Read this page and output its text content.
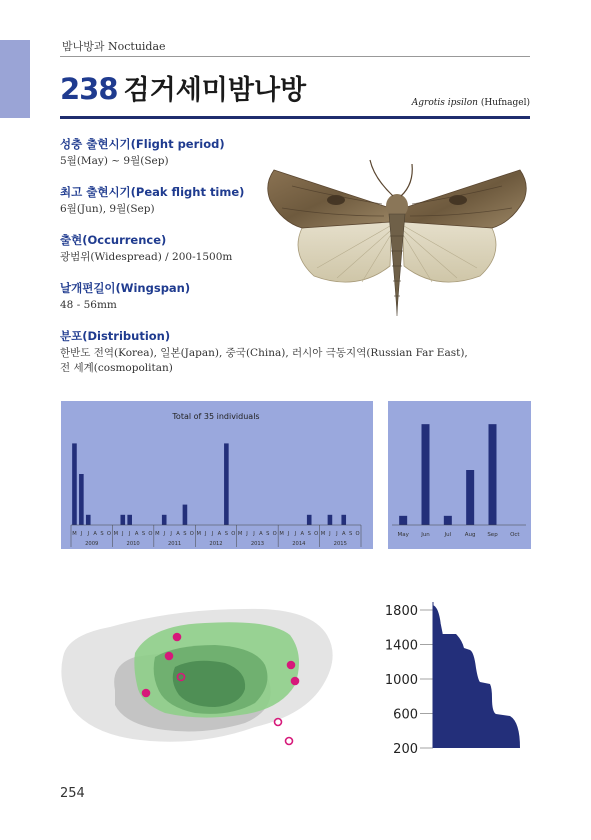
밤나방과 Noctuidae
238 검거세미밤나방	Agrotis ipsilon (Hufnagel)
성충 출현시기(Flight period)
5월(May) ~ 9월(Sep)
최고 출현시기(Peak flight time)
6월(Jun), 9월(Sep)
출현(Occurrence)
광범위(Widespread) / 200-1500m
날개편길이(Wingspan)
48 - 56mm
분포(Distribution)
한반도 전역(Korea), 일본(Japan), 중국(China), 러시아 극동지역(Russian Far East),
전 세계(cosmopolitan)
Total of 35 individuals
M J J A S O
2009
M J J A S O
2010
M J J A S O
2011
M J J A S O
2012
M J J A S O
2013
M J J A S O
2014
M J J A S O
2015
May Jun	Jul Aug Sep Oct
1800
1400
1000
600
200
254
